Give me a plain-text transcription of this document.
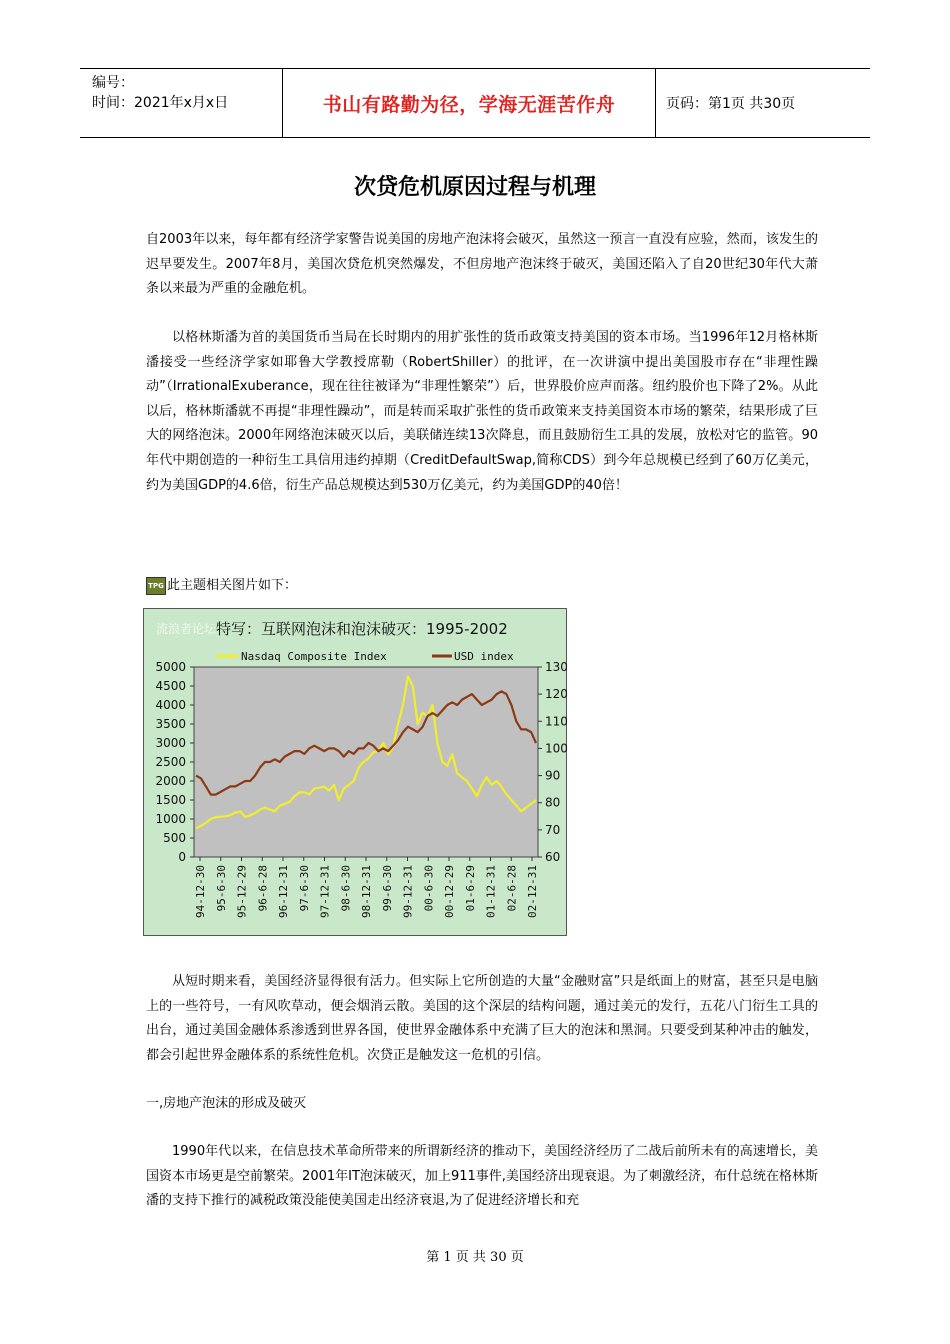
编号：
时间：2021年x月x日	书山有路勤为径，学海无涯苦作舟	页码：第1页 共30页
次贷危机原因过程与机理

自2003年以来，每年都有经济学家警告说美国的房地产泡沫将会破灭，虽然这一预言一直没有应验，然而，该发生的迟早要发生。2007年8月，美国次贷危机突然爆发，不但房地产泡沫终于破灭，美国还陷入了自20世纪30年代大萧条以来最为严重的金融危机。

以格林斯潘为首的美国货币当局在长时期内的用扩张性的货币政策支持美国的资本市场。当1996年12月格林斯潘接受一些经济学家如耶鲁大学教授席勒（RobertShiller）的批评，在一次讲演中提出美国股市存在“非理性躁动”（IrrationalExuberance，现在往往被译为“非理性繁荣”）后，世界股价应声而落。纽约股价也下降了2%。从此以后，格林斯潘就不再提“非理性躁动”，而是转而采取扩张性的货币政策来支持美国资本市场的繁荣，结果形成了巨大的网络泡沫。2000年网络泡沫破灭以后，美联储连续13次降息，而且鼓励衍生工具的发展，放松对它的监管。90年代中期创造的一种衍生工具信用违约掉期（CreditDefaultSwap,简称CDS）到今年总规模已经到了60万亿美元，约为美国GDP的4.6倍，衍生产品总规模达到530万亿美元，约为美国GDP的40倍！

TPG 此主题相关图片如下：
流浪者论坛 特写：互联网泡沫和泡沫破灭：1995-2002
Nasdaq Composite Index	USD index
5000
4500
4000
3500
3000
2500
2000
1500
1000
500
0
130
120
110
100
90
80
70
60
94-12-30 95-6-30 95-12-29 96-6-28 96-12-31 97-6-30 97-12-31 98-6-30 98-12-31 99-6-30 99-12-31 00-6-30 00-12-29 01-6-29 01-12-31 02-6-28 02-12-31

从短时期来看，美国经济显得很有活力。但实际上它所创造的大量“金融财富”只是纸面上的财富，甚至只是电脑上的一些符号，一有风吹草动，便会烟消云散。美国的这个深层的结构问题，通过美元的发行，五花八门衍生工具的出台，通过美国金融体系渗透到世界各国，使世界金融体系中充满了巨大的泡沫和黑洞。只要受到某种冲击的触发，都会引起世界金融体系的系统性危机。次贷正是触发这一危机的引信。

一,房地产泡沫的形成及破灭

1990年代以来，在信息技术革命所带来的所谓新经济的推动下，美国经济经历了二战后前所未有的高速增长，美国资本市场更是空前繁荣。2001年IT泡沫破灭，加上911事件,美国经济出现衰退。为了刺激经济，布什总统在格林斯潘的支持下推行的减税政策没能使美国走出经济衰退,为了促进经济增长和充

第 1 页 共 30 页
